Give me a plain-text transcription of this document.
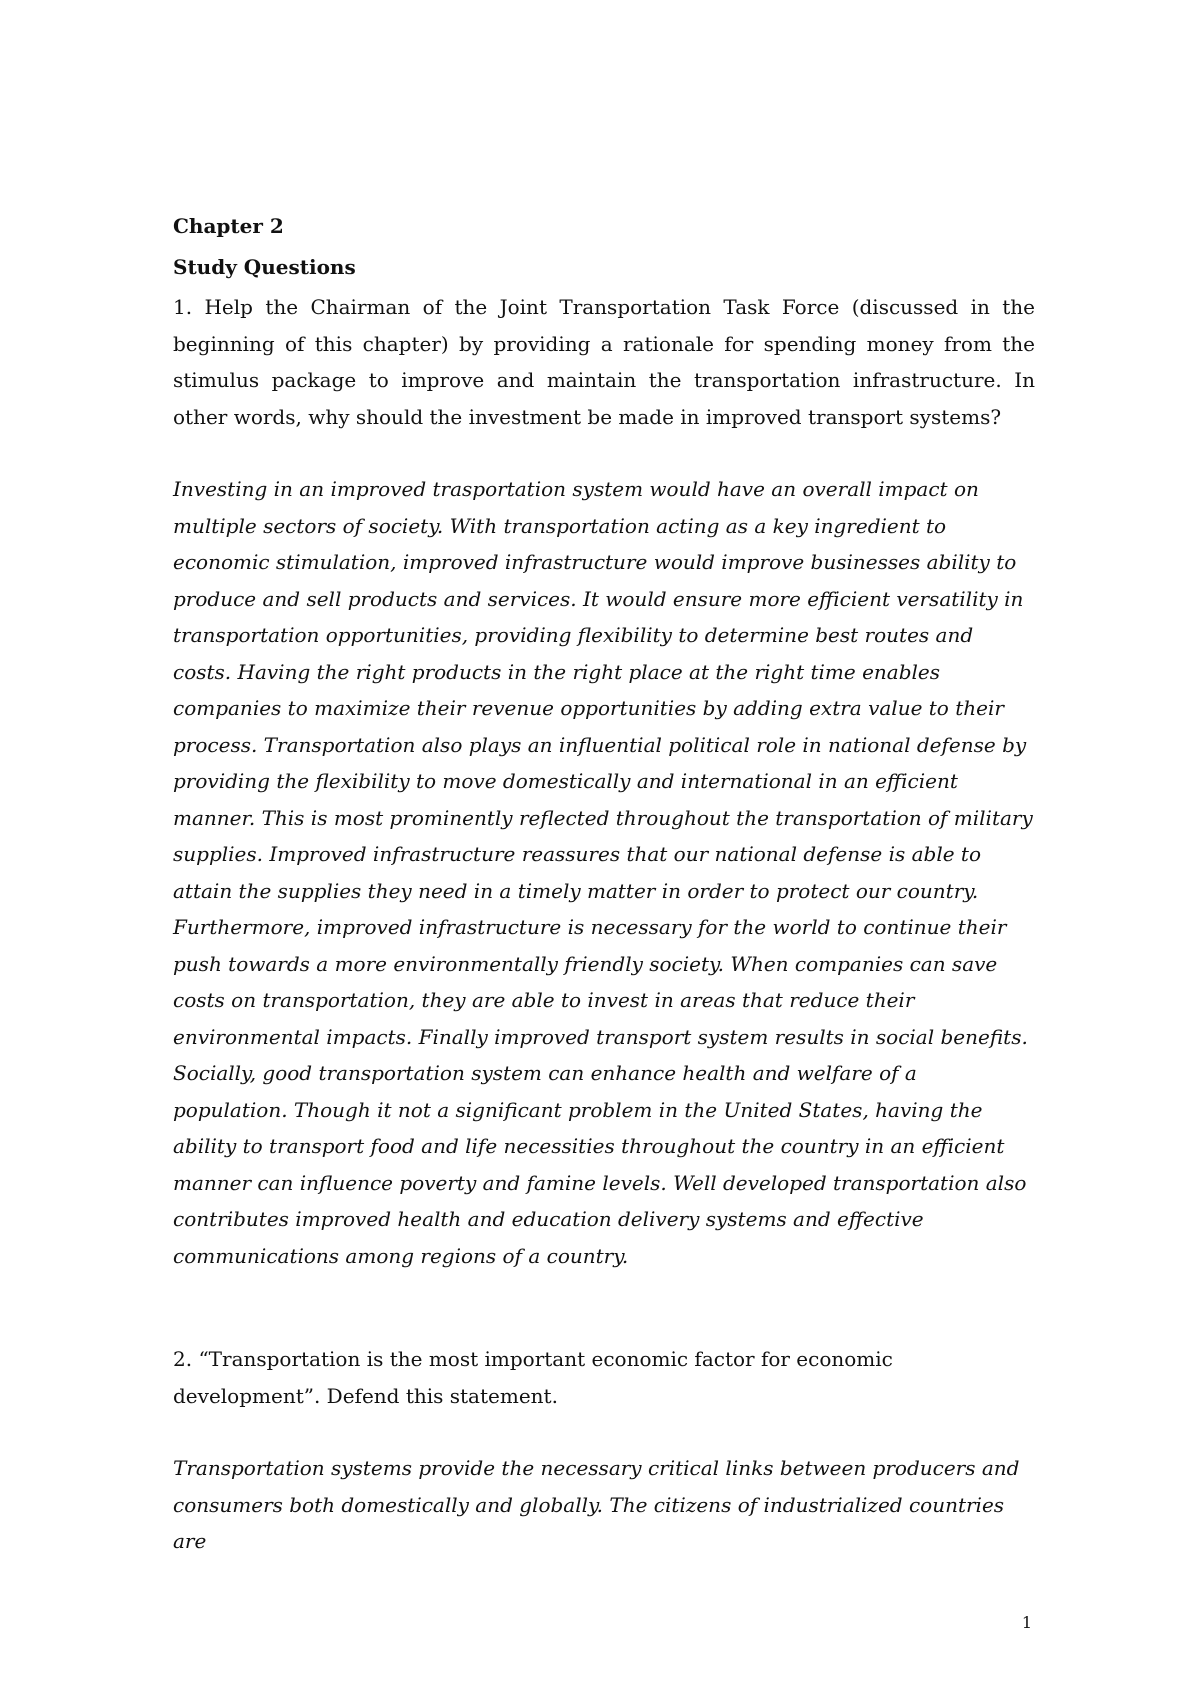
Chapter 2

Study Questions

1. Help the Chairman of the Joint Transportation Task Force (discussed in the beginning of this chapter) by providing a rationale for spending money from the stimulus package to improve and maintain the transportation infrastructure. In other words, why should the investment be made in improved transport systems?

Investing in an improved trasportation system would have an overall impact on multiple sectors of society. With transportation acting as a key ingredient to economic stimulation, improved infrastructure would improve businesses ability to produce and sell products and services. It would ensure more efficient versatility in transportation opportunities, providing flexibility to determine best routes and costs. Having the right products in the right place at the right time enables companies to maximize their revenue opportunities by adding extra value to their process. Transportation also plays an influential political role in national defense by providing the flexibility to move domestically and international in an efficient manner. This is most prominently reflected throughout the transportation of military supplies. Improved infrastructure reassures that our national defense is able to attain the supplies they need in a timely matter in order to protect our country. Furthermore, improved infrastructure is necessary for the world to continue their push towards a more environmentally friendly society. When companies can save costs on transportation, they are able to invest in areas that reduce their environmental impacts. Finally improved transport system results in social benefits. Socially, good transportation system can enhance health and welfare of a population. Though it not a significant problem in the United States, having the ability to transport food and life necessities throughout the country in an efficient manner can influence poverty and famine levels. Well developed transportation also contributes improved health and education delivery systems and effective communications among regions of a country.

2. “Transportation is the most important economic factor for economic development”. Defend this statement.

Transportation systems provide the necessary critical links between producers and consumers both domestically and globally. The citizens of industrialized countries are

1
